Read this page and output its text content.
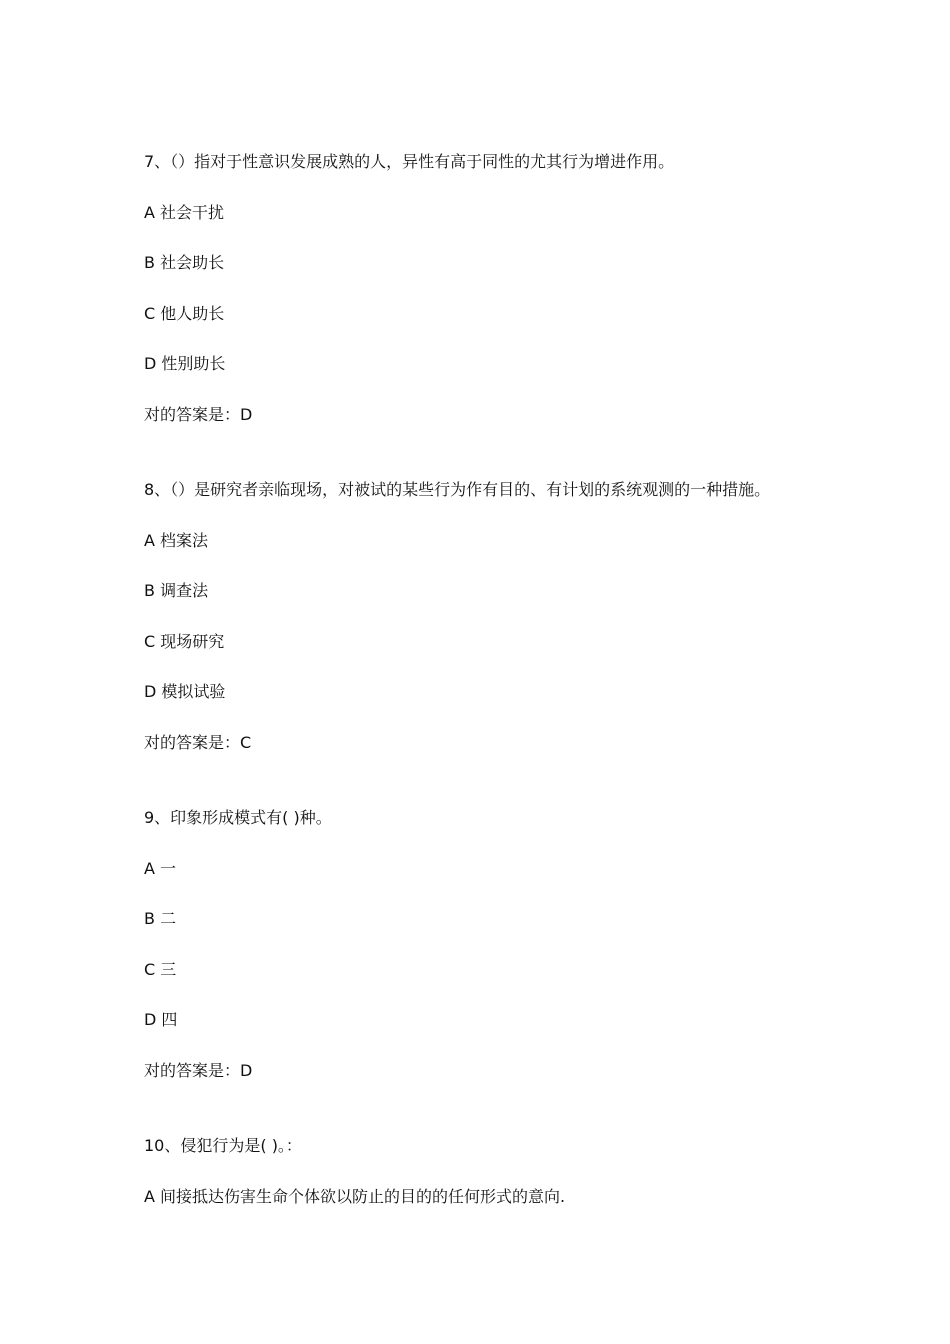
7、（）指对于性意识发展成熟的人，异性有高于同性的尤其行为增进作用。
A 社会干扰
B 社会助长
C 他人助长
D 性别助长
对的答案是：D
8、（）是研究者亲临现场，对被试的某些行为作有目的、有计划的系统观测的一种措施。
A 档案法
B 调查法
C 现场研究
D 模拟试验
对的答案是：C
9、印象形成模式有( )种。
A 一
B 二
C 三
D 四
对的答案是：D
10、侵犯行为是( )。：
A 间接抵达伤害生命个体欲以防止的目的的任何形式的意向.
